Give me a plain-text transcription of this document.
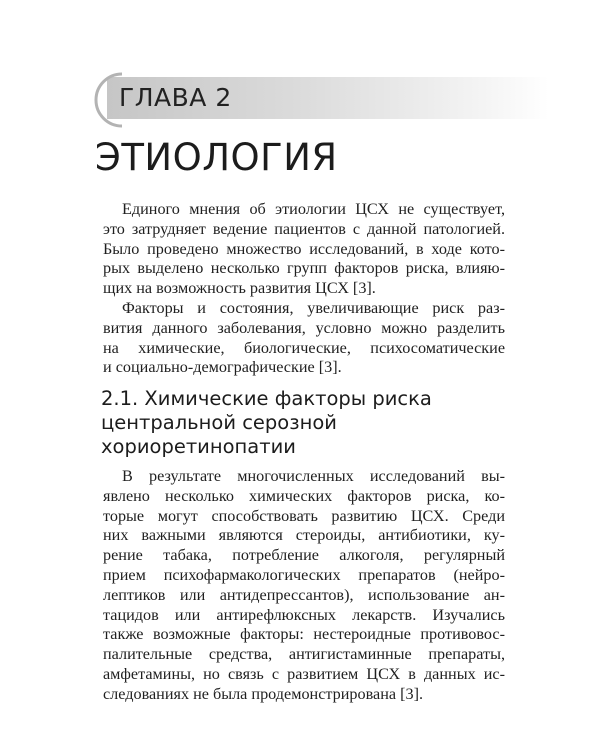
ГЛАВА 2
ЭТИОЛОГИЯ

Единого мнения об этиологии ЦСХ не существует,
это затрудняет ведение пациентов с данной патологией.
Было проведено множество исследований, в ходе кото-
рых выделено несколько групп факторов риска, влияю-
щих на возможность развития ЦСХ [3].

Факторы и состояния, увеличивающие риск раз-
вития данного заболевания, условно можно разделить
на химические, биологические, психосоматические
и социально-демографические [3].

2.1. Химические факторы риска
центральной серозной
хориоретинопатии

В результате многочисленных исследований вы-
явлено несколько химических факторов риска, ко-
торые могут способствовать развитию ЦСХ. Среди
них важными являются стероиды, антибиотики, ку-
рение табака, потребление алкоголя, регулярный
прием психофармакологических препаратов (нейро-
лептиков или антидепрессантов), использование ан-
тацидов или антирефлюксных лекарств. Изучались
также возможные факторы: нестероидные противовос-
палительные средства, антигистаминные препараты,
амфетамины, но связь с развитием ЦСХ в данных ис-
следованиях не была продемонстрирована [3].
